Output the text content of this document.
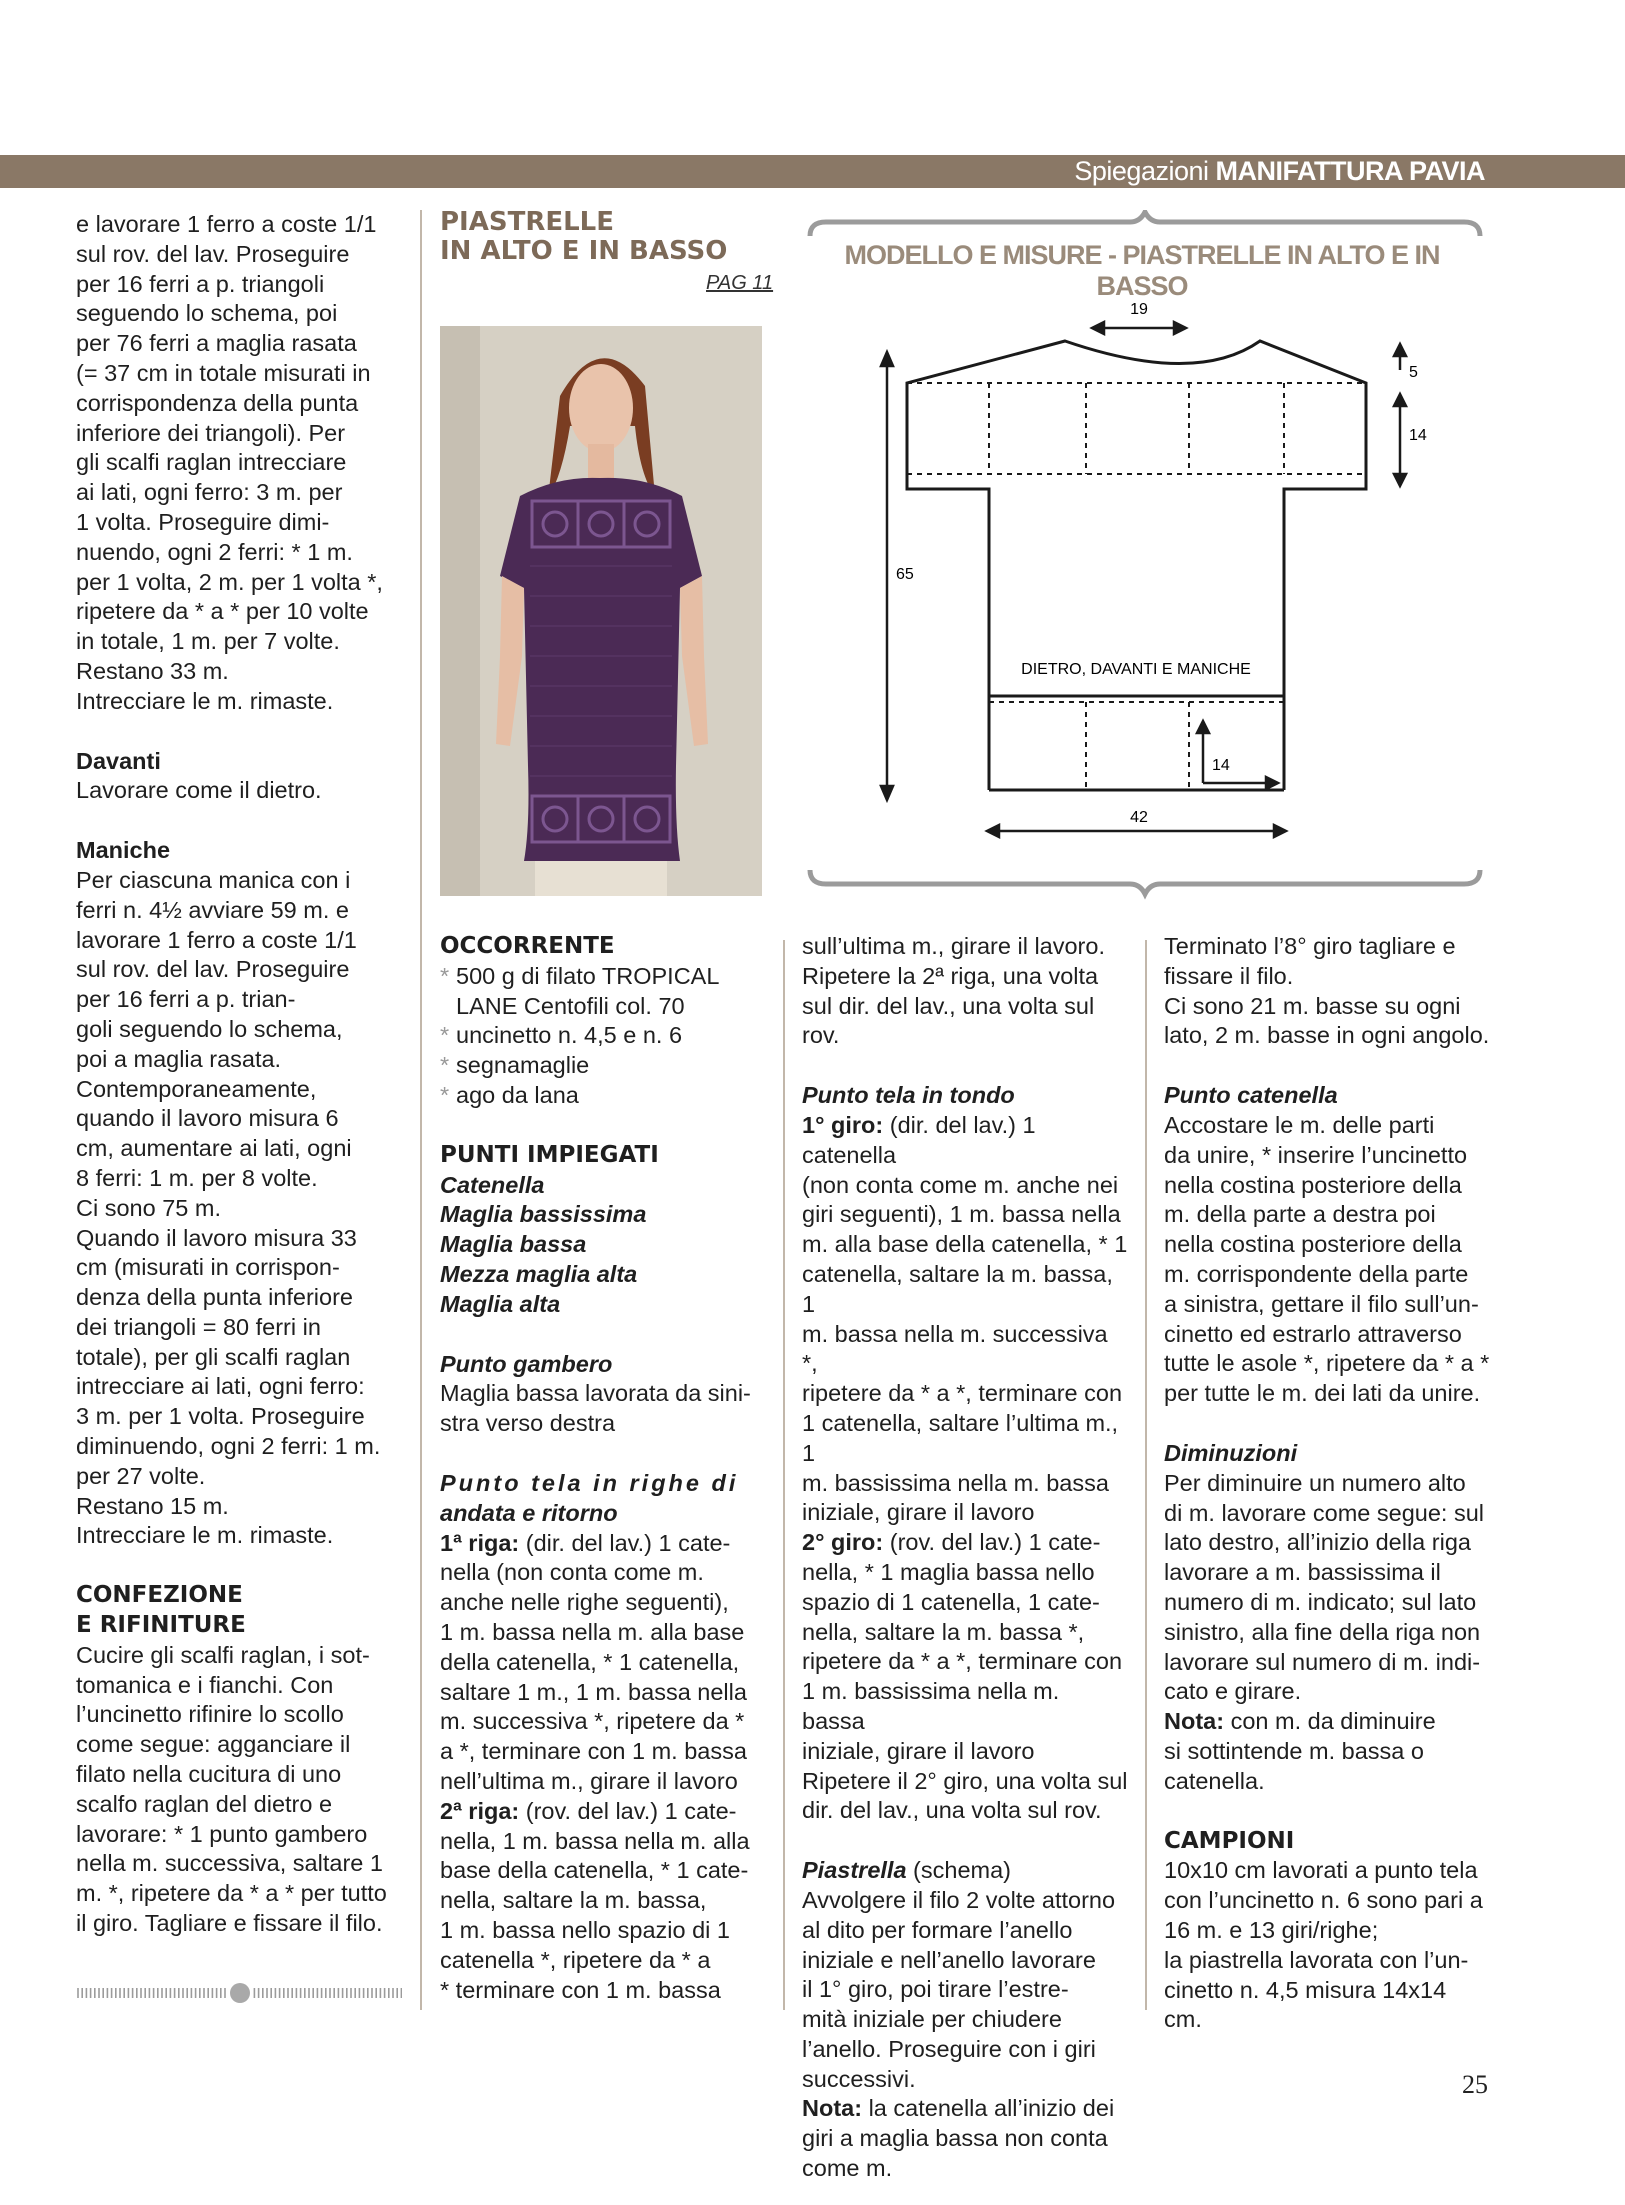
Spiegazioni MANIFATTURA PAVIA

e lavorare 1 ferro a coste 1/1

sul rov. del lav. Proseguire

per 16 ferri a p. triangoli

seguendo lo schema, poi

per 76 ferri a maglia rasata

(= 37 cm in totale misurati in

corrispondenza della punta

inferiore dei triangoli). Per

gli scalfi raglan intrecciare

ai lati, ogni ferro: 3 m. per

1 volta. Proseguire dimi-

nuendo, ogni 2 ferri: * 1 m.

per 1 volta, 2 m. per 1 volta *,

ripetere da * a * per 10 volte

in totale, 1 m. per 7 volte.

Restano 33 m.

Intrecciare le m. rimaste.

Davanti

Lavorare come il dietro.

Maniche

Per ciascuna manica con i

ferri n. 4½ avviare 59 m. e

lavorare 1 ferro a coste 1/1

sul rov. del lav. Proseguire

per 16 ferri a p. trian-

goli seguendo lo schema,

poi a maglia rasata.

Contemporaneamente,

quando il lavoro misura 6

cm, aumentare ai lati, ogni

8 ferri: 1 m. per 8 volte.

Ci sono 75 m.

Quando il lavoro misura 33

cm (misurati in corrispon-

denza della punta inferiore

dei triangoli = 80 ferri in

totale), per gli scalfi raglan

intrecciare ai lati, ogni ferro:

3 m. per 1 volta. Proseguire

diminuendo, ogni 2 ferri: 1 m.

per 27 volte.

Restano 15 m.

Intrecciare le m. rimaste.

CONFEZIONE

E RIFINITURE

Cucire gli scalfi raglan, i sot-

tomanica e i fianchi. Con

l’uncinetto rifinire lo scollo

come segue: agganciare il

filato nella cucitura di uno

scalfo raglan del dietro e

lavorare: * 1 punto gambero

nella m. successiva, saltare 1

m. *, ripetere da * a * per tutto

il giro. Tagliare e fissare il filo.

PIASTRELLE
IN ALTO E IN BASSO
PAG 11

OCCORRENTE

* 500 g di filato TROPICAL

LANE Centofili col. 70

* uncinetto n. 4,5 e n. 6

* segnamaglie

* ago da lana

PUNTI IMPIEGATI

Catenella

Maglia bassissima

Maglia bassa

Mezza maglia alta

Maglia alta

Punto gambero

Maglia bassa lavorata da sini-

stra verso destra

Punto tela in righe di

andata e ritorno

1ª riga: (dir. del lav.) 1 cate-

nella (non conta come m.

anche nelle righe seguenti),

1 m. bassa nella m. alla base

della catenella, * 1 catenella,

saltare 1 m., 1 m. bassa nella

m. successiva *, ripetere da *

a *, terminare con 1 m. bassa

nell’ultima m., girare il lavoro

2ª riga: (rov. del lav.) 1 cate-

nella, 1 m. bassa nella m. alla

base della catenella, * 1 cate-

nella, saltare la m. bassa,

1 m. bassa nello spazio di 1

catenella *, ripetere da * a

* terminare con 1 m. bassa

19
5
14
65
14
42
DIETRO, DAVANTI E MANICHE
MODELLO E MISURE - PIASTRELLE IN ALTO E IN BASSO

sull’ultima m., girare il lavoro.

Ripetere la 2ª riga, una volta

sul dir. del lav., una volta sul rov.

Punto tela in tondo

1° giro: (dir. del lav.) 1 catenella

(non conta come m. anche nei

giri seguenti), 1 m. bassa nella

m. alla base della catenella, * 1

catenella, saltare la m. bassa, 1

m. bassa nella m. successiva *,

ripetere da * a *, terminare con

1 catenella, saltare l’ultima m., 1

m. bassissima nella m. bassa

iniziale, girare il lavoro

2° giro: (rov. del lav.) 1 cate-

nella, * 1 maglia bassa nello

spazio di 1 catenella, 1 cate-

nella, saltare la m. bassa *,

ripetere da * a *, terminare con

1 m. bassissima nella m. bassa

iniziale, girare il lavoro

Ripetere il 2° giro, una volta sul

dir. del lav., una volta sul rov.

Piastrella (schema)

Avvolgere il filo 2 volte attorno

al dito per formare l’anello

iniziale e nell’anello lavorare

il 1° giro, poi tirare l’estre-

mità iniziale per chiudere

l’anello. Proseguire con i giri

successivi.

Nota: la catenella all’inizio dei

giri a maglia bassa non conta

come m.

Terminato l’8° giro tagliare e

fissare il filo.

Ci sono 21 m. basse su ogni

lato, 2 m. basse in ogni angolo.

Punto catenella

Accostare le m. delle parti

da unire, * inserire l’uncinetto

nella costina posteriore della

m. della parte a destra poi

nella costina posteriore della

m. corrispondente della parte

a sinistra, gettare il filo sull’un-

cinetto ed estrarlo attraverso

tutte le asole *, ripetere da * a *

per tutte le m. dei lati da unire.

Diminuzioni

Per diminuire un numero alto

di m. lavorare come segue: sul

lato destro, all’inizio della riga

lavorare a m. bassissima il

numero di m. indicato; sul lato

sinistro, alla fine della riga non

lavorare sul numero di m. indi-

cato e girare.

Nota: con m. da diminuire

si sottintende m. bassa o

catenella.

CAMPIONI

10x10 cm lavorati a punto tela

con l’uncinetto n. 6 sono pari a

16 m. e 13 giri/righe;

la piastrella lavorata con l’un-

cinetto n. 4,5 misura 14x14 cm.

25
